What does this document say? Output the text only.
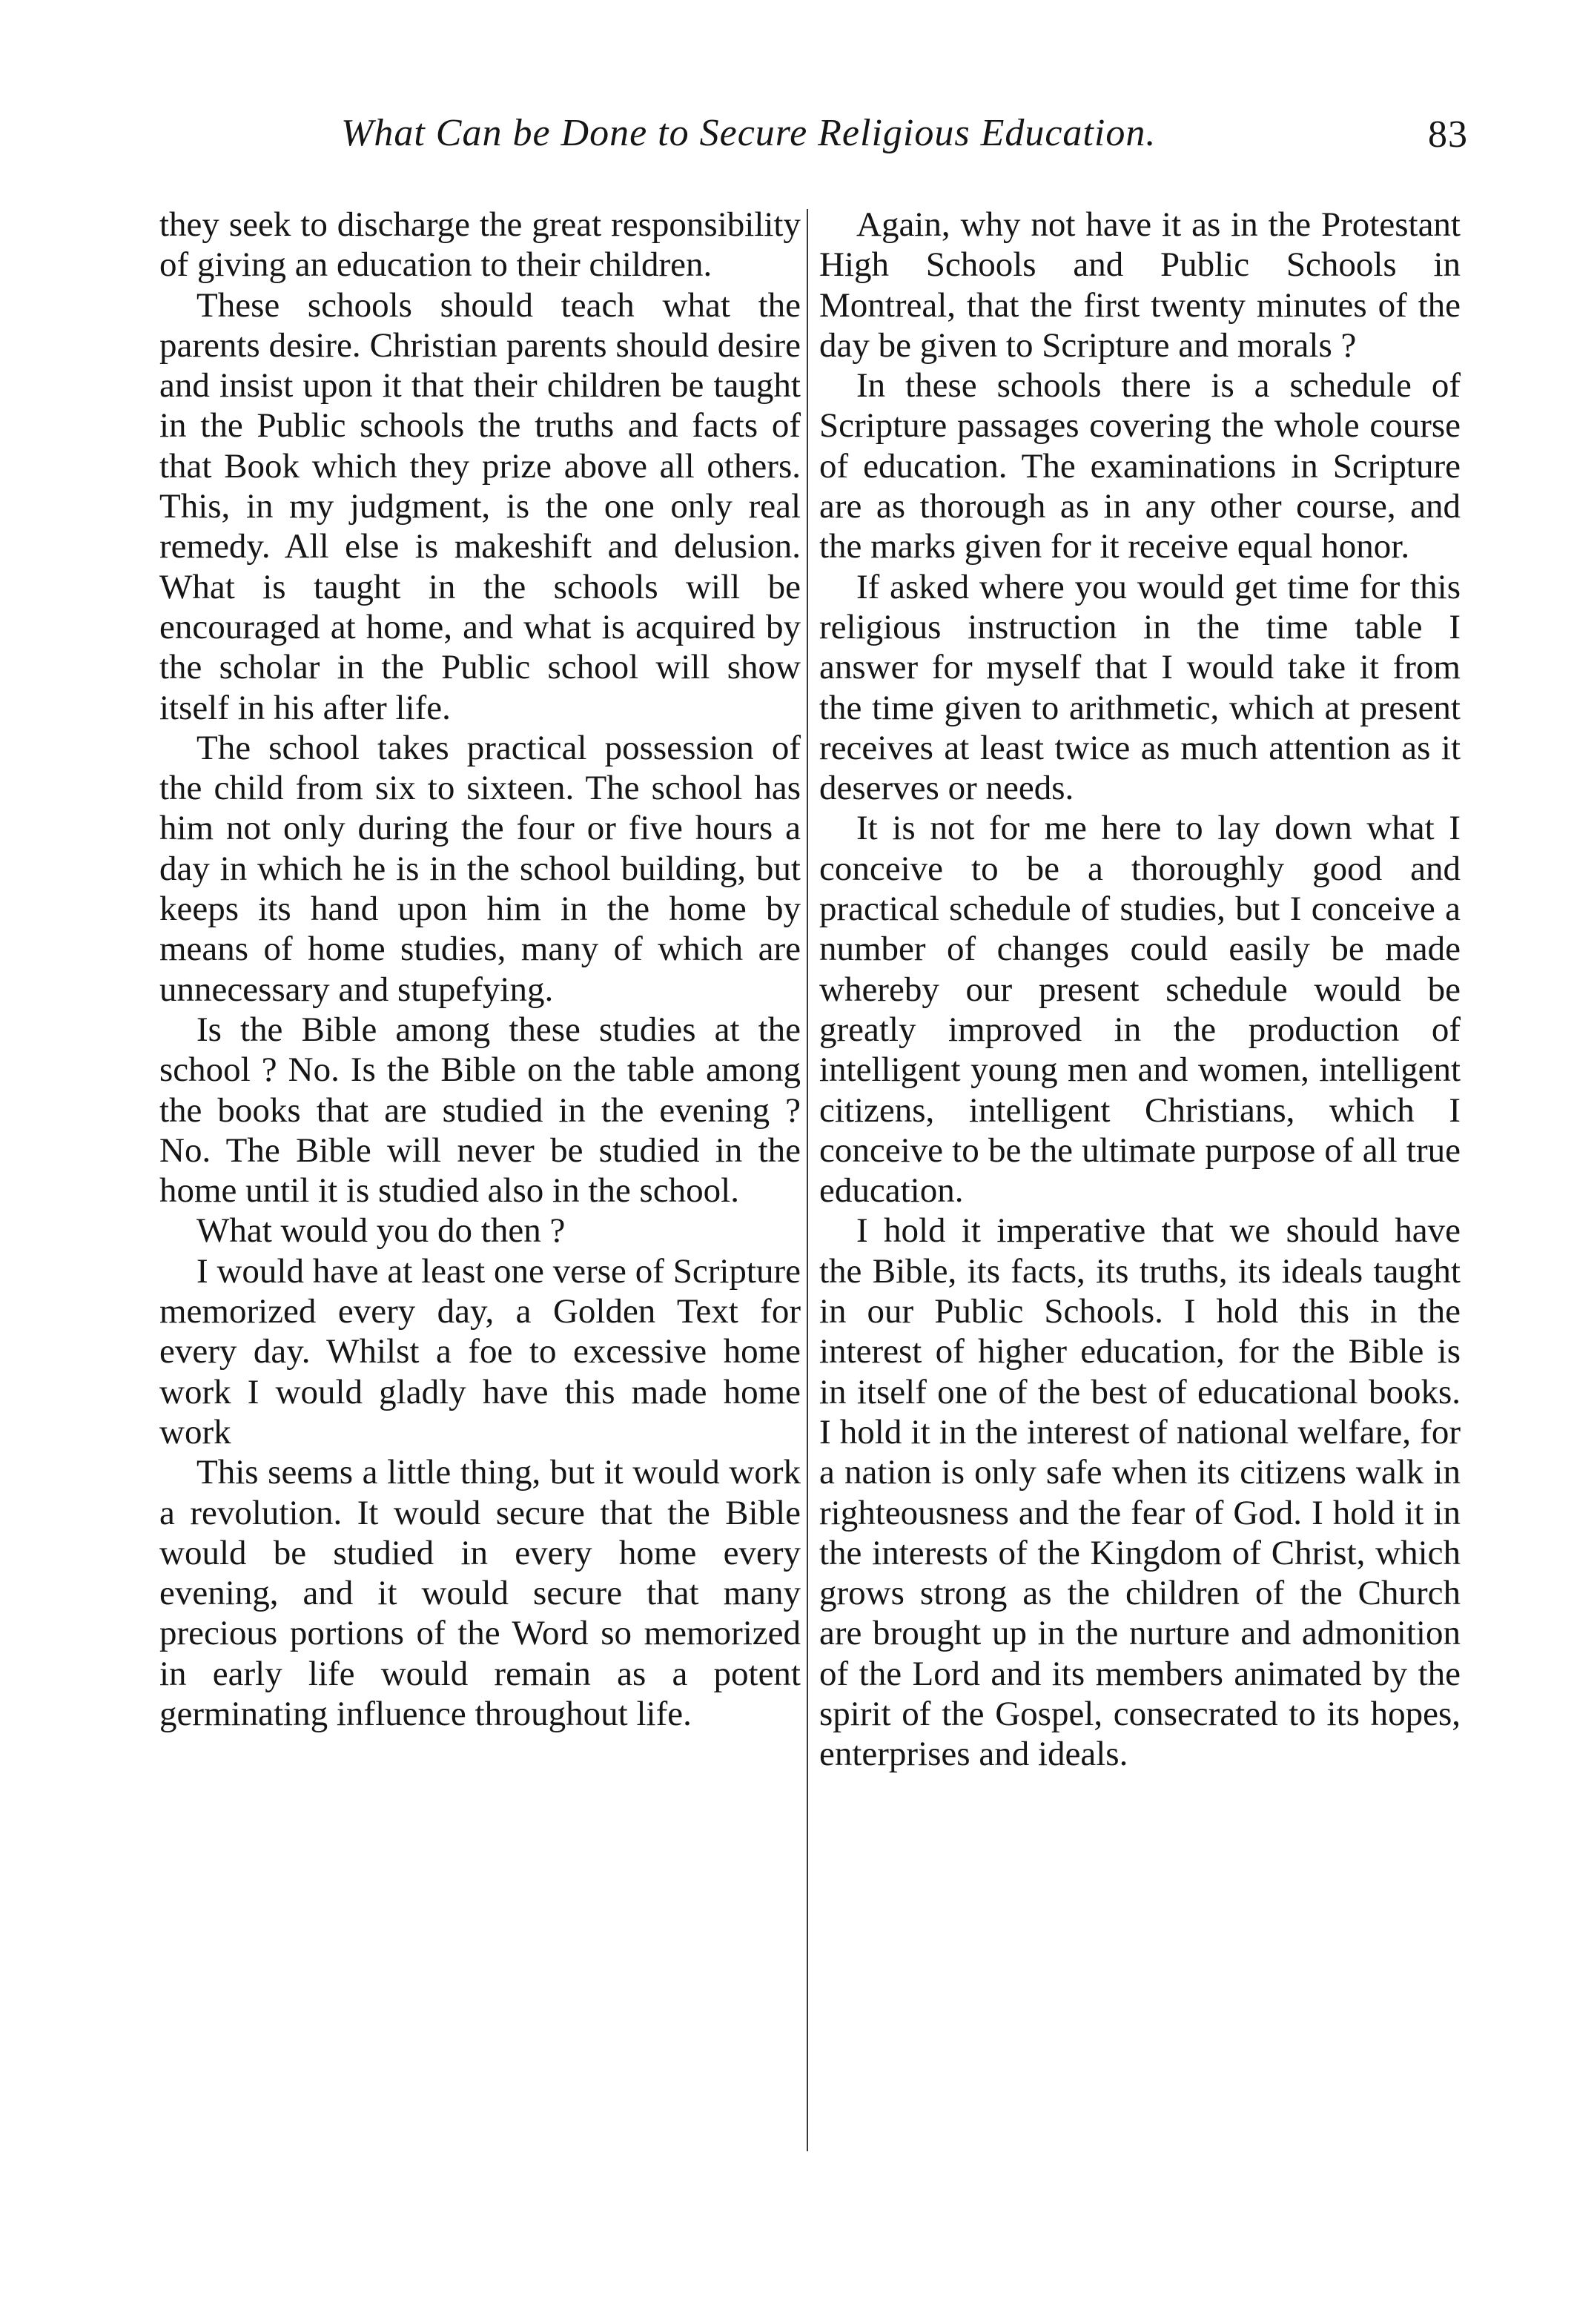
What Can be Done to Secure Religious Education.	83

they seek to discharge the great responsibility of giving an education to their children.

These schools should teach what the parents desire. Christian parents should desire and insist upon it that their children be taught in the Public schools the truths and facts of that Book which they prize above all others. This, in my judgment, is the one only real remedy. All else is makeshift and delusion. What is taught in the schools will be encouraged at home, and what is acquired by the scholar in the Public school will show itself in his after life.

The school takes practical possession of the child from six to sixteen. The school has him not only during the four or five hours a day in which he is in the school building, but keeps its hand upon him in the home by means of home studies, many of which are unnecessary and stupefying.

Is the Bible among these studies at the school ? No. Is the Bible on the table among the books that are studied in the evening ? No. The Bible will never be studied in the home until it is studied also in the school.

What would you do then ?

I would have at least one verse of Scripture memorized every day, a Golden Text for every day. Whilst a foe to excessive home work I would gladly have this made home work

This seems a little thing, but it would work a revolution. It would secure that the Bible would be studied in every home every evening, and it would secure that many precious portions of the Word so memorized in early life would remain as a potent germinating influence throughout life.

Again, why not have it as in the Protestant High Schools and Public Schools in Montreal, that the first twenty minutes of the day be given to Scripture and morals ?

In these schools there is a schedule of Scripture passages covering the whole course of education. The examinations in Scripture are as thorough as in any other course, and the marks given for it receive equal honor.

If asked where you would get time for this religious instruction in the time table I answer for myself that I would take it from the time given to arithmetic, which at present receives at least twice as much attention as it deserves or needs.

It is not for me here to lay down what I conceive to be a thoroughly good and practical schedule of studies, but I conceive a number of changes could easily be made whereby our present schedule would be greatly improved in the production of intelligent young men and women, intelligent citizens, intelligent Christians, which I conceive to be the ultimate purpose of all true education.

I hold it imperative that we should have the Bible, its facts, its truths, its ideals taught in our Public Schools. I hold this in the interest of higher education, for the Bible is in itself one of the best of educational books. I hold it in the interest of national welfare, for a nation is only safe when its citizens walk in righteousness and the fear of God. I hold it in the interests of the Kingdom of Christ, which grows strong as the children of the Church are brought up in the nurture and admonition of the Lord and its members animated by the spirit of the Gospel, consecrated to its hopes, enterprises and ideals.
